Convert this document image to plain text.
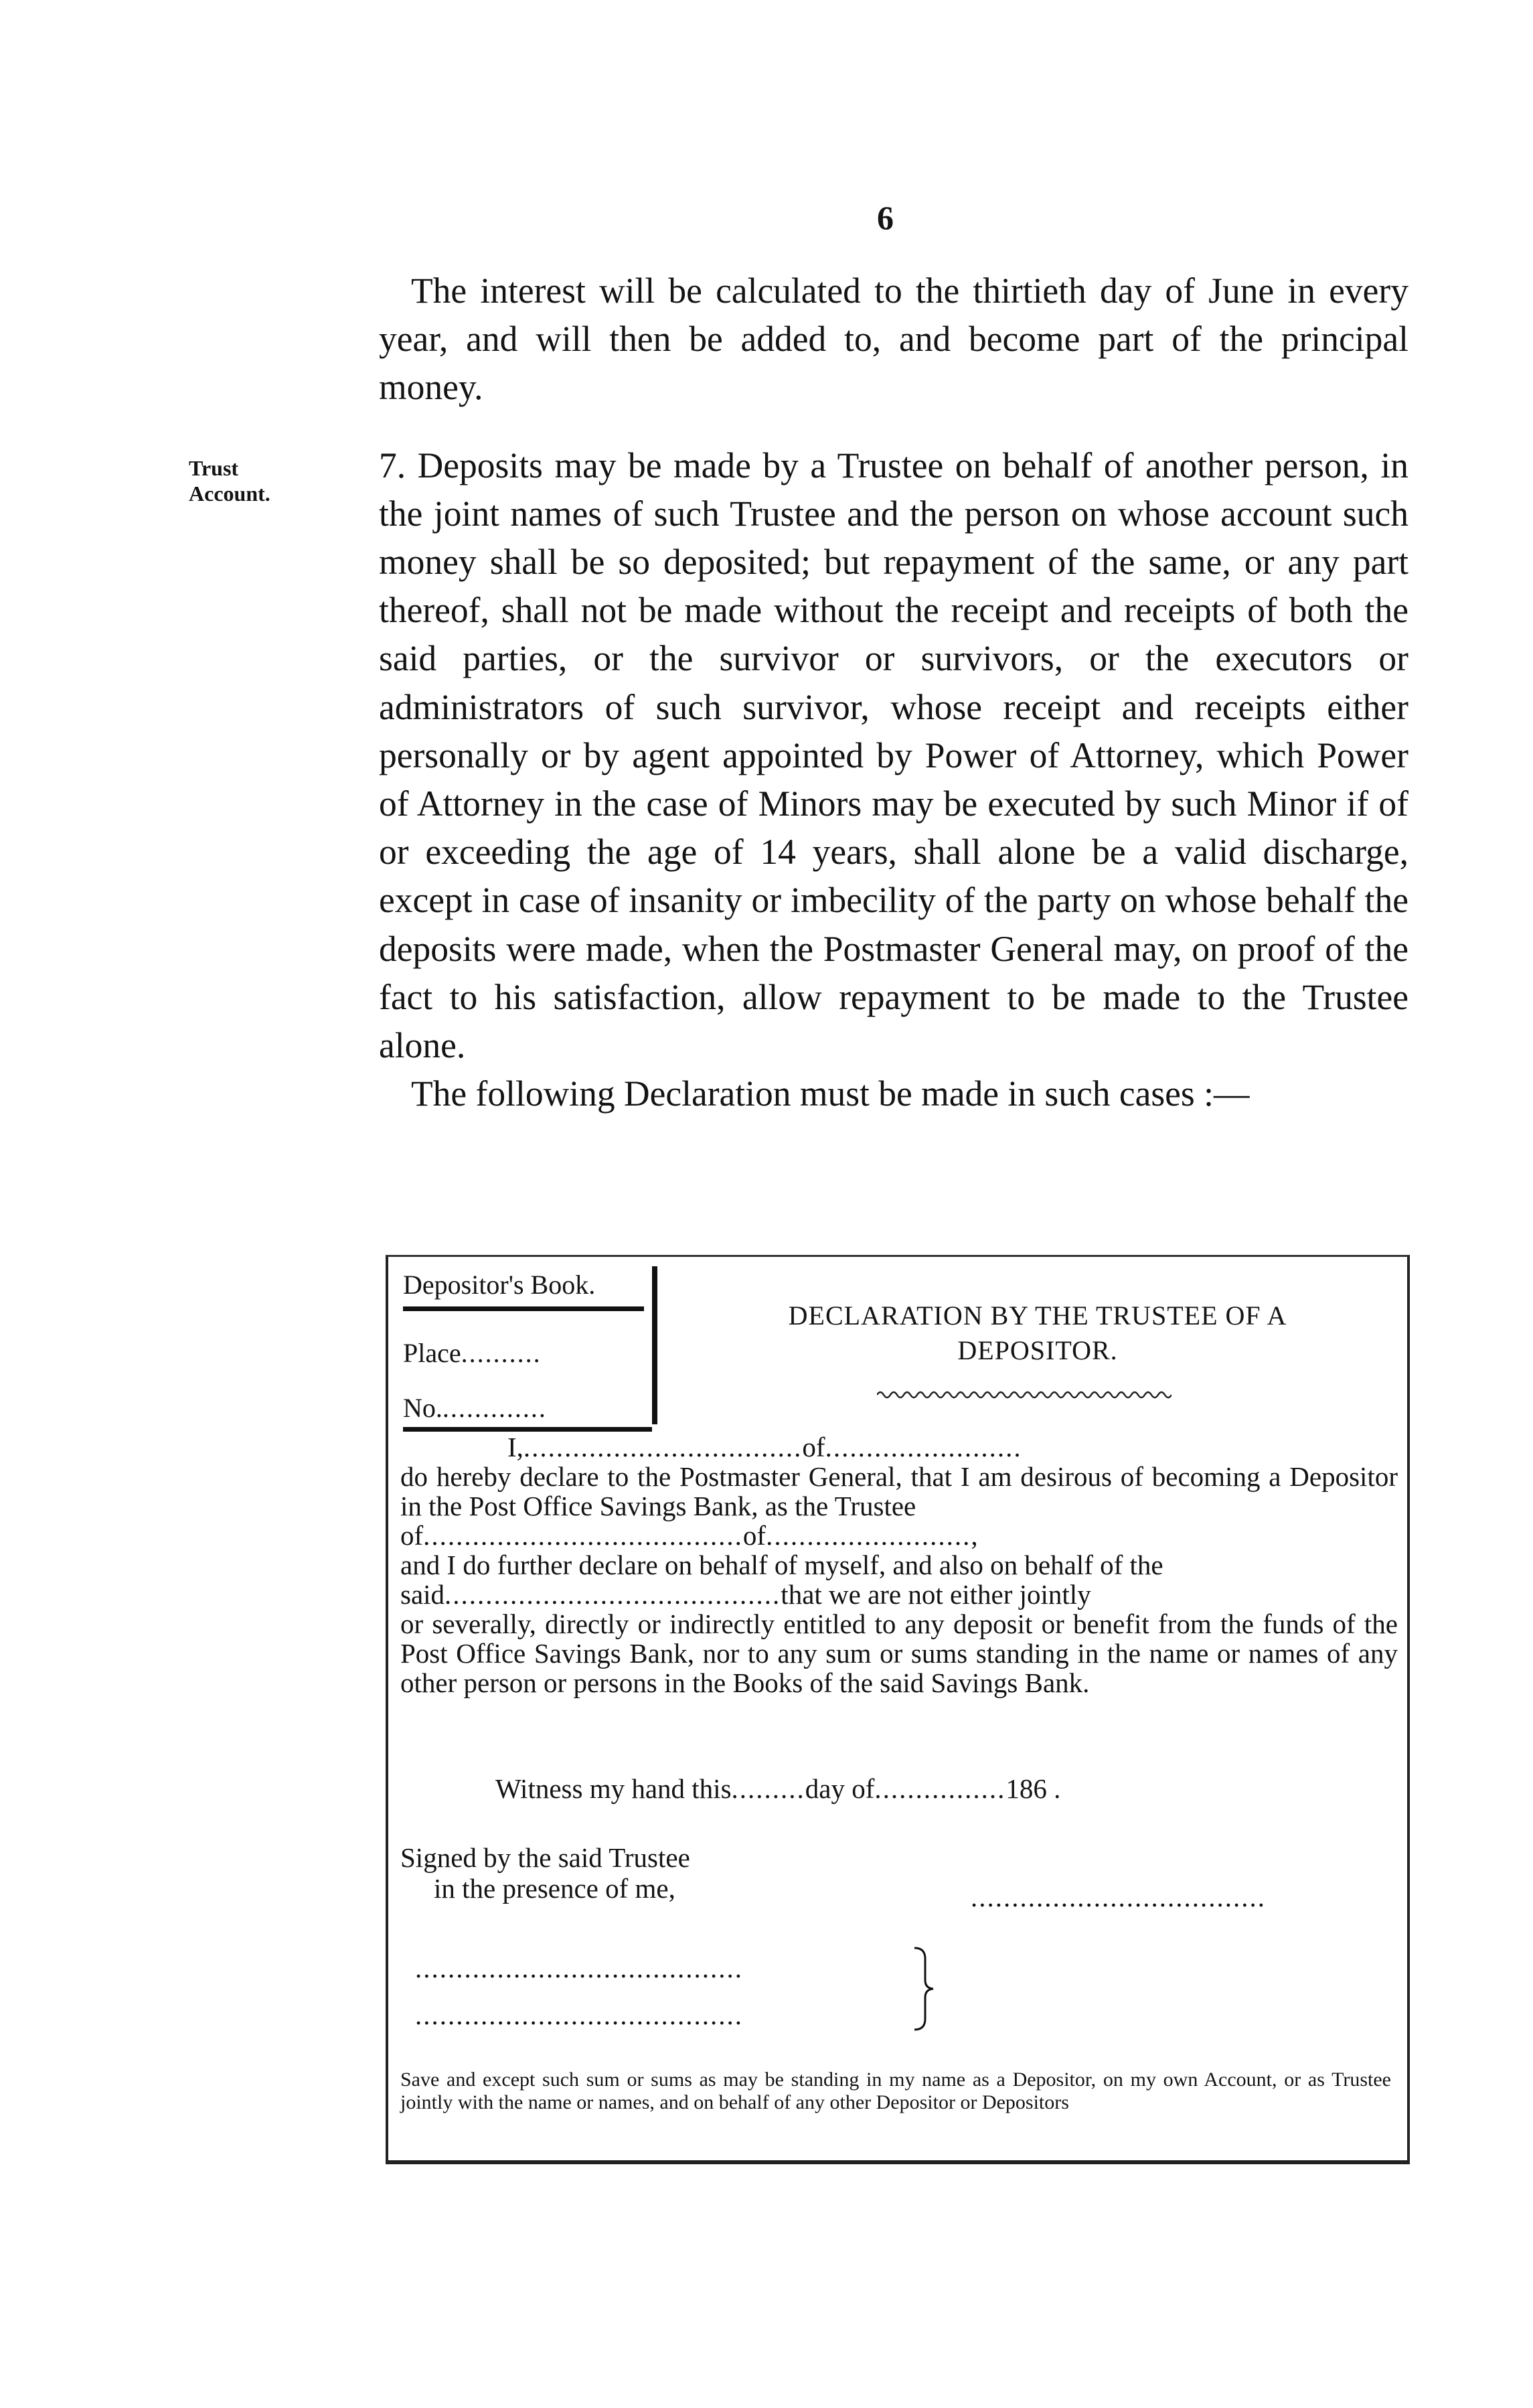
6
Trust Account.

The interest will be calculated to the thirtieth day of June in every year, and will then be added to, and become part of the principal money.

7. Deposits may be made by a Trustee on behalf of another person, in the joint names of such Trustee and the person on whose account such money shall be so deposited; but repayment of the same, or any part thereof, shall not be made without the receipt and receipts of both the said parties, or the survivor or survivors, or the executors or administrators of such survivor, whose receipt and receipts either personally or by agent appointed by Power of Attorney, which Power of Attorney in the case of Minors may be executed by such Minor if of or exceeding the age of 14 years, shall alone be a valid discharge, except in case of insanity or imbecility of the party on whose behalf the deposits were made, when the Postmaster General may, on proof of the fact to his satisfaction, allow repayment to be made to the Trustee alone.

The following Declaration must be made in such cases :—

Depositor's Book.
Place..........
No..............
DECLARATION BY THE TRUSTEE OF A
DEPOSITOR.

I,..................................of........................

do hereby declare to the Postmaster General, that I am desirous of becoming a Depositor in the Post Office Savings Bank, as the Trustee

of.......................................of.........................,

and I do further declare on behalf of myself, and also on behalf of the

said.........................................that we are not either jointly

or severally, directly or indirectly entitled to any deposit or benefit from the funds of the Post Office Savings Bank, nor to any sum or sums standing in the name or names of any other person or persons in the Books of the said Savings Bank.

Witness my hand this.........day of................186 .
Signed by the said Trustee
in the presence of me,	....................................
........................................
........................................
Save and except such sum or sums as may be standing in my name as a Depositor, on my own Account, or as Trustee jointly with the name or names, and on behalf of any other Depositor or Depositors
